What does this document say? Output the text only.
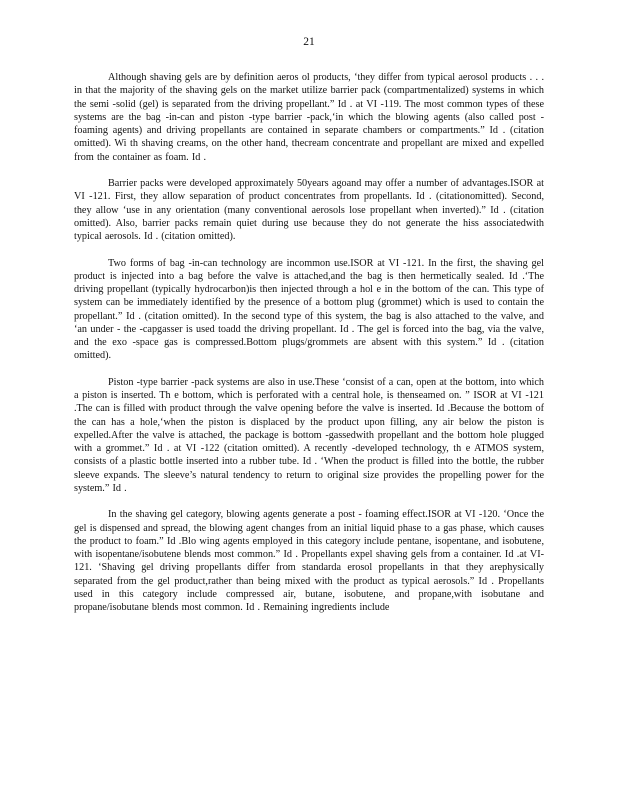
21

Although shaving gels are by definition aeros ol products, ‘they differ from typical aerosol products . . . in that the majority of the shaving gels on the market utilize barrier pack (compartmentalized) systems in which the semi -solid (gel) is separated from the driving propellant.” Id . at VI -119. The most common types of these systems are the bag -in-can and piston -type barrier -pack,‘in which the blowing agents (also called post - foaming agents) and driving propellants are contained in separate chambers or compartments.” Id . (citation omitted). Wi th shaving creams, on the other hand, thecream concentrate and propellant are mixed and expelled from the container as foam. Id .

Barrier packs were developed approximately 50years agoand may offer a number of advantages.ISOR at VI -121. First, they allow separation of product concentrates from propellants. Id . (citationomitted). Second, they allow ‘use in any orientation (many conventional aerosols lose propellant when inverted).” Id . (citation omitted). Also, barrier packs remain quiet during use because they do not generate the hiss associatedwith typical aerosols. Id . (citation omitted).

Two forms of bag -in-can technology are incommon use.ISOR at VI -121. In the first, the shaving gel product is injected into a bag before the valve is attached,and the bag is then hermetically sealed. Id .‘The driving propellant (typically hydrocarbon)is then injected through a hol e in the bottom of the can. This type of system can be immediately identified by the presence of a bottom plug (grommet) which is used to contain the propellant.” Id . (citation omitted). In the second type of this system, the bag is also attached to the valve, and ‘an under - the -capgasser is used toadd the driving propellant. Id . The gel is forced into the bag, via the valve, and the exo -space gas is compressed.Bottom plugs/grommets are absent with this system.” Id . (citation omitted).

Piston -type barrier -pack systems are also in use.These ‘consist of a can, open at the bottom, into which a piston is inserted. Th e bottom, which is perforated with a central hole, is thenseamed on. ” ISOR at VI -121 .The can is filled with product through the valve opening before the valve is inserted. Id .Because the bottom of the can has a hole,‘when the piston is displaced by the product upon filling, any air below the piston is expelled.After the valve is attached, the package is bottom -gassedwith propellant and the bottom hole plugged with a grommet.” Id . at VI -122 (citation omitted). A recently -developed technology, th e ATMOS system, consists of a plastic bottle inserted into a rubber tube. Id . ‘When the product is filled into the bottle, the rubber sleeve expands. The sleeve’s natural tendency to return to original size provides the propelling power for the system.” Id .

In the shaving gel category, blowing agents generate a post - foaming effect.ISOR at VI -120. ‘Once the gel is dispensed and spread, the blowing agent changes from an initial liquid phase to a gas phase, which causes the product to foam.” Id .Blo wing agents employed in this category include pentane, isopentane, and isobutene, with isopentane/isobutene blends most common.” Id . Propellants expel shaving gels from a container. Id .at VI- 121. ‘Shaving gel driving propellants differ from standarda erosol propellants in that they arephysically separated from the gel product,rather than being mixed with the product as typical aerosols.” Id . Propellants used in this category include compressed air, butane, isobutene, and propane,with isobutane and propane/isobutane blends most common. Id . Remaining ingredients include
